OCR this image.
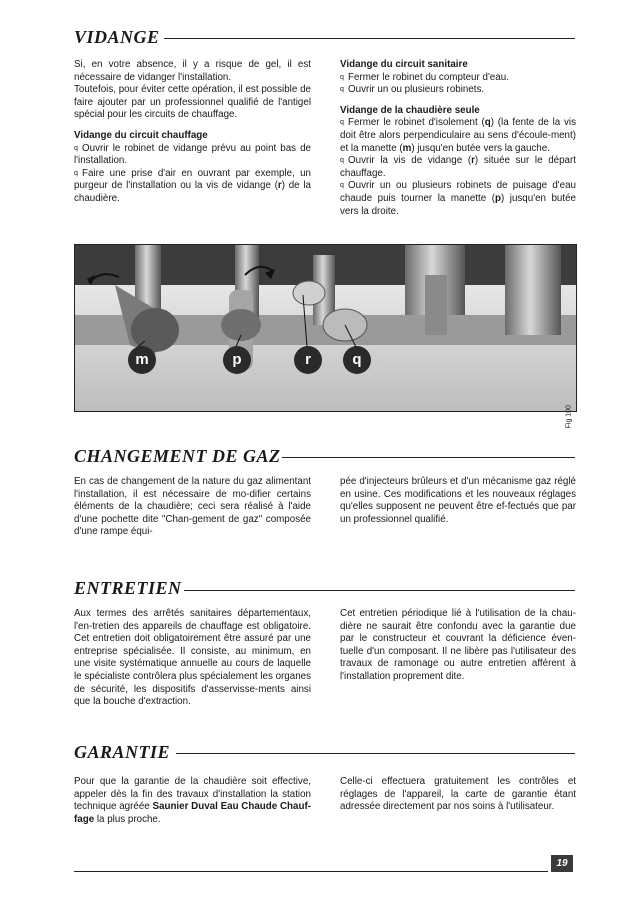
VIDANGE

Si, en votre absence, il y a risque de gel, il est nécessaire de vidanger l'installation.

Toutefois, pour éviter cette opération, il est possible de faire ajouter par un professionnel qualifié de l'antigel spécial pour les circuits de chauffage.

Vidange du circuit chauffage

q Ouvrir le robinet de vidange prévu au point bas de l'installation.

q Faire une prise d'air en ouvrant par exemple, un purgeur de l'installation ou la vis de vidange (r) de la chaudière.

Vidange du circuit sanitaire

q Fermer le robinet du compteur d'eau.

q Ouvrir un ou plusieurs robinets.

Vidange de la chaudière seule

q Fermer le robinet d'isolement (q) (la fente de la vis doit être alors perpendiculaire au sens d'écoule-ment) et la manette (m) jusqu'en butée vers la gauche.

q Ouvrir la vis de vidange (r) située sur le départ chauffage.

q Ouvrir un ou plusieurs robinets de puisage d'eau chaude puis tourner la manette (p) jusqu'en butée vers la droite.

m	p	r	q
Fig 100
CHANGEMENT DE GAZ

En cas de changement de la nature du gaz alimentant l'installation, il est nécessaire de mo-difier certains éléments de la chaudière; ceci sera réalisé à l'aide d'une pochette dite "Chan-gement de gaz" composée d'une rampe équi-

pée d'injecteurs brûleurs et d'un mécanisme gaz réglé en usine. Ces modifications et les nouveaux réglages qu'elles supposent ne peuvent être ef-fectués que par un professionnel qualifié.

ENTRETIEN

Aux termes des arrêtés sanitaires départementaux, l'en-tretien des appareils de chauffage est obligatoire. Cet entretien doit obligatoirement être assuré par une entreprise spécialisée. Il consiste, au minimum, en une visite systématique annuelle au cours de laquelle le spécialiste contrôlera plus spécialement les organes de sécurité, les dispositifs d'asservisse-ments ainsi que la bouche d'extraction.

Cet entretien périodique lié à l'utilisation de la chau-dière ne saurait être confondu avec la garantie due par le constructeur et couvrant la déficience éven-tuelle d'un composant. Il ne libère pas l'utilisateur des travaux de ramonage ou autre entretien afférent à l'installation proprement dite.

GARANTIE

Pour que la garantie de la chaudière soit effective, appeler dès la fin des travaux d'installation la station technique agréée Saunier Duval Eau Chaude Chauf-fage la plus proche.

Celle-ci effectuera gratuitement les contrôles et réglages de l'appareil, la carte de garantie étant adressée directement par nos soins à l'utilisateur.

19
